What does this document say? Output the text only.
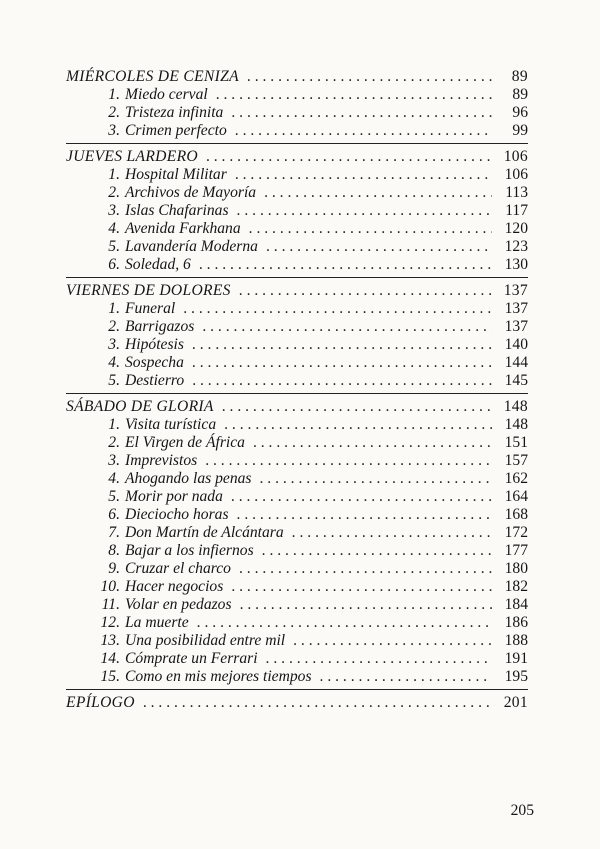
MIÉRCOLES DE CENIZA . . .	89
1. Miedo cerval . . .	89
2. Tristeza infinita . . .	96
3. Crimen perfecto . . .	99
JUEVES LARDERO . . .	106
1. Hospital Militar . . .	106
2. Archivos de Mayoría . . .	113
3. Islas Chafarinas . . .	117
4. Avenida Farkhana . . .	120
5. Lavandería Moderna . . .	123
6. Soledad, 6 . . .	130
VIERNES DE DOLORES . . .	137
1. Funeral . . .	137
2. Barrigazos . . .	137
3. Hipótesis . . .	140
4. Sospecha . . .	144
5. Destierro . . .	145
SÁBADO DE GLORIA . . .	148
1. Visita turística . . .	148
2. El Virgen de África . . .	151
3. Imprevistos . . .	157
4. Ahogando las penas . . .	162
5. Morir por nada . . .	164
6. Dieciocho horas . . .	168
7. Don Martín de Alcántara . . .	172
8. Bajar a los infiernos . . .	177
9. Cruzar el charco . . .	180
10. Hacer negocios . . .	182
11. Volar en pedazos . . .	184
12. La muerte . . .	186
13. Una posibilidad entre mil . . .	188
14. Cómprate un Ferrari . . .	191
15. Como en mis mejores tiempos . . .	195
EPÍLOGO . . .	201
205
